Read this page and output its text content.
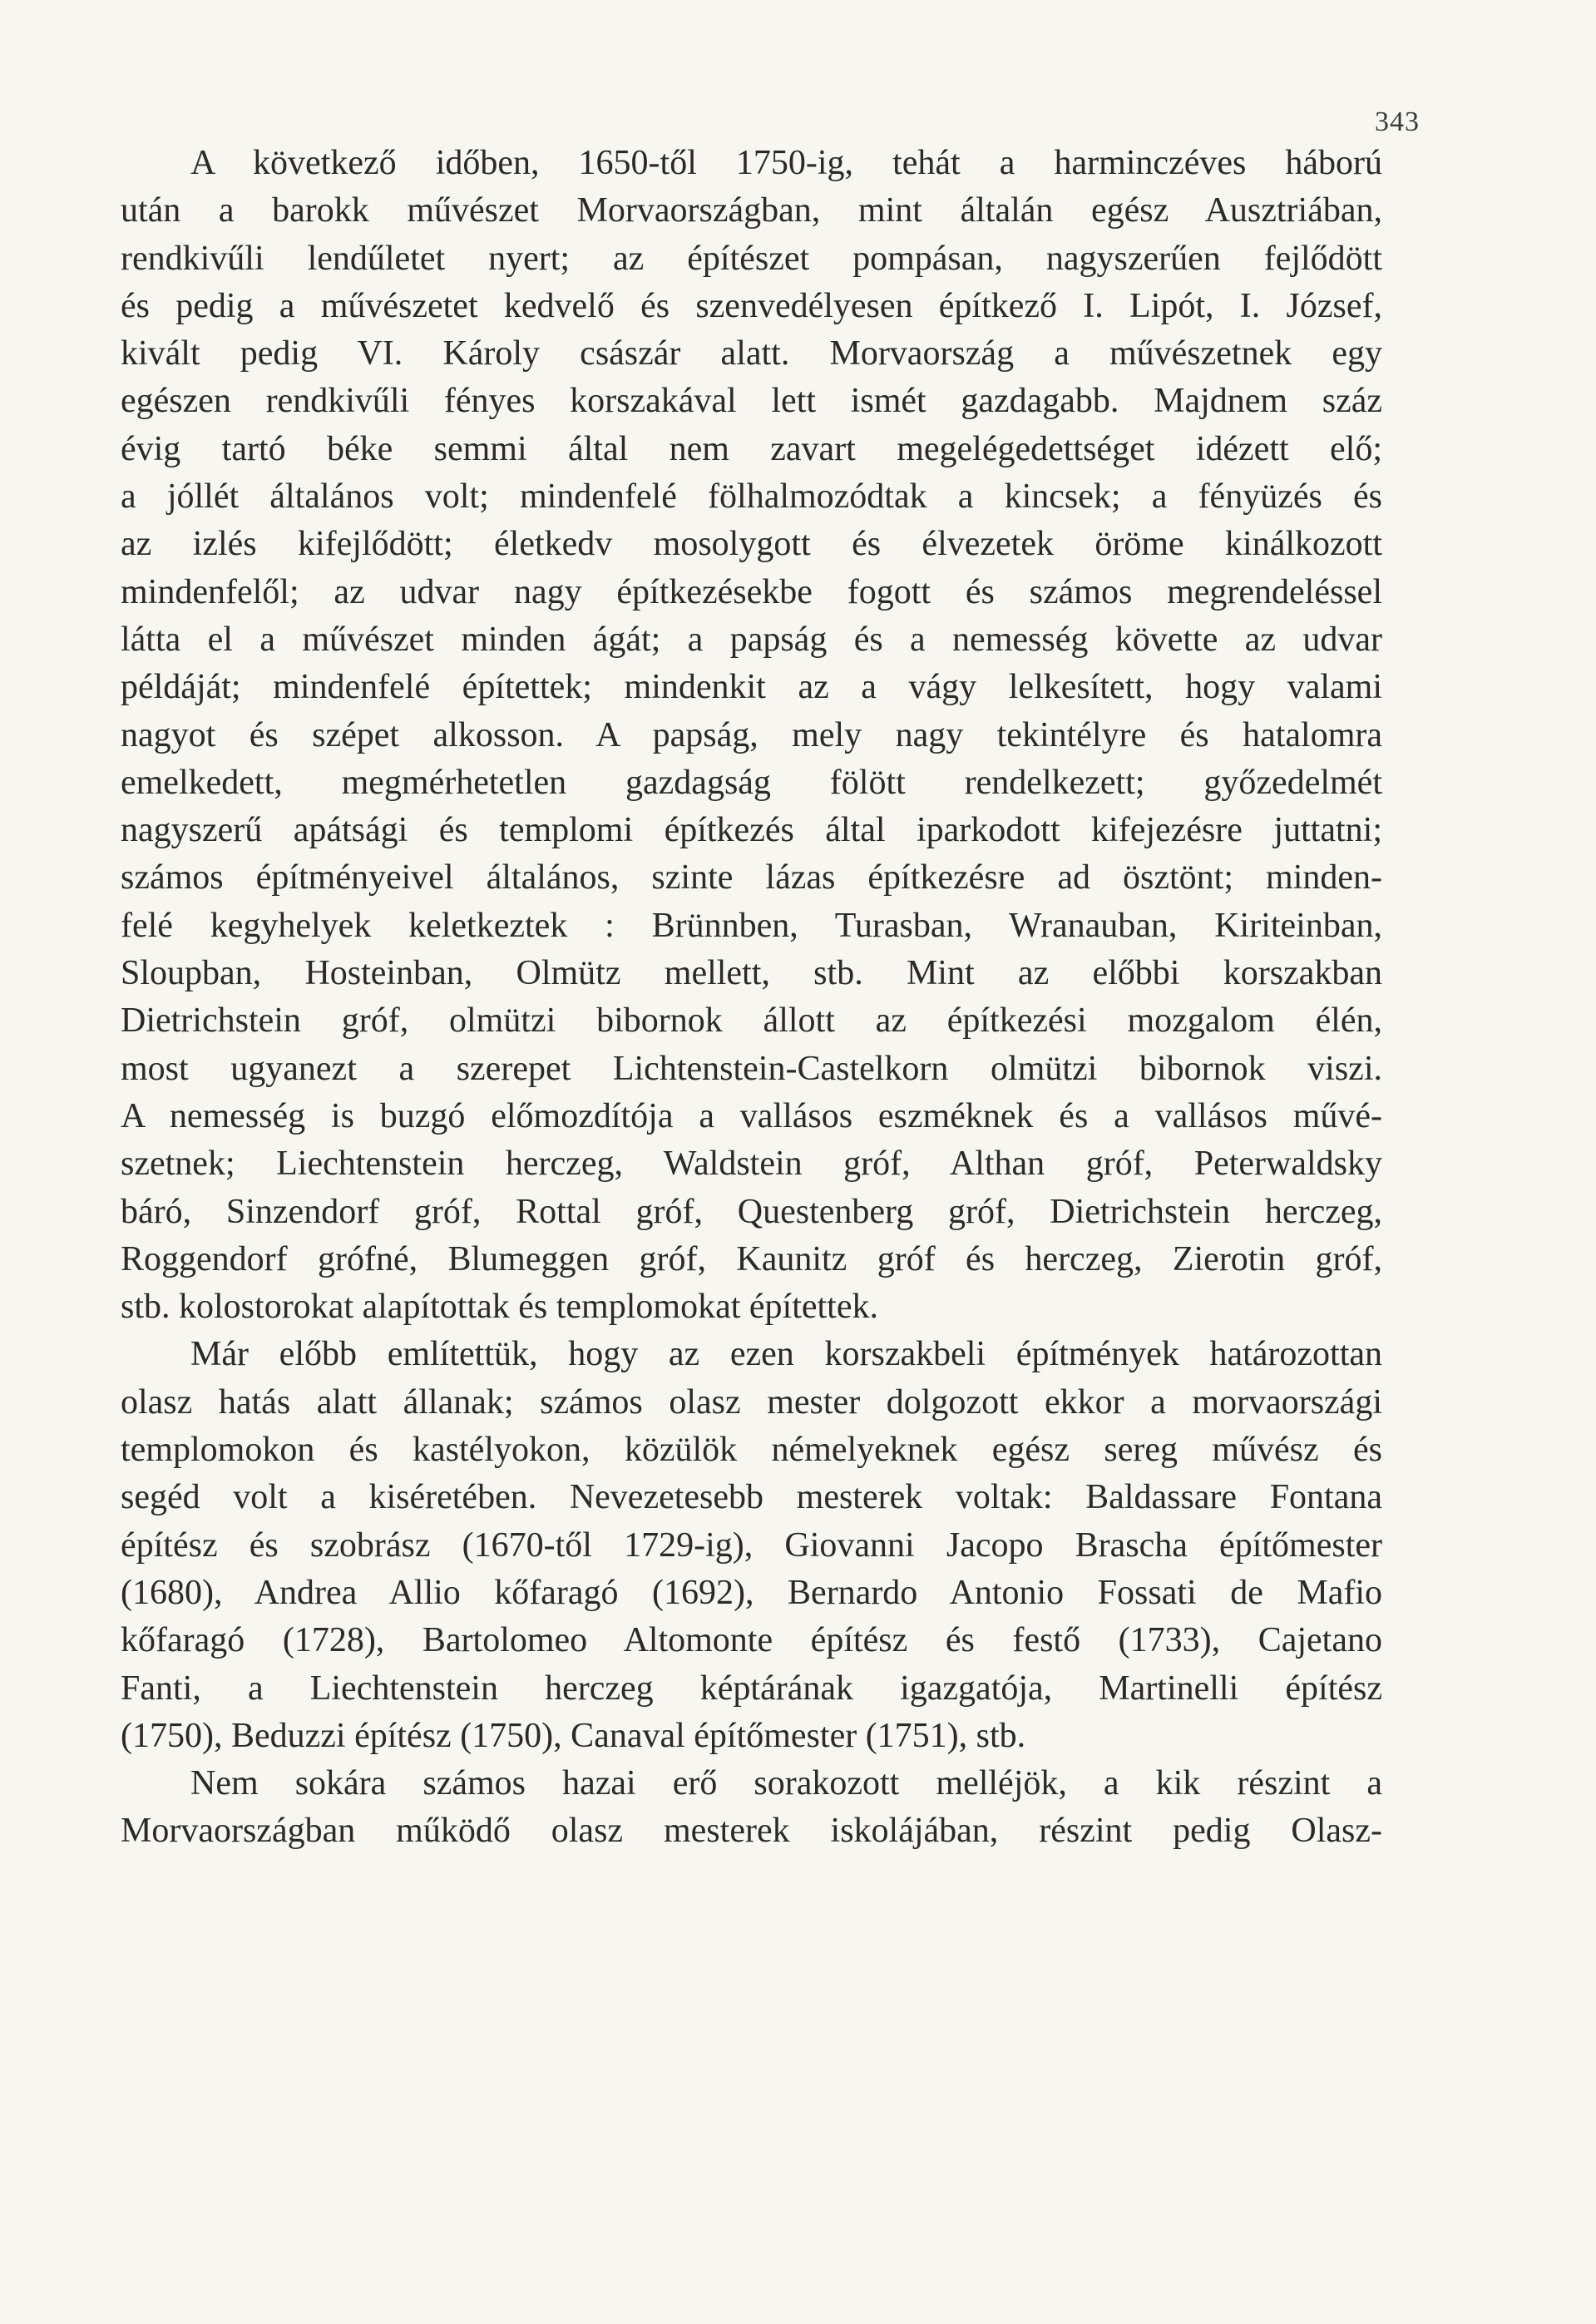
343
A következő időben, 1650-től 1750-ig, tehát a harminczéves háború
után a barokk művészet Morvaországban, mint általán egész Ausztriában,
rendkivűli lendűletet nyert; az építészet pompásan, nagyszerűen fejlődött
és pedig a művészetet kedvelő és szenvedélyesen építkező I. Lipót, I. József,
kivált pedig VI. Károly császár alatt. Morvaország a művészetnek egy
egészen rendkivűli fényes korszakával lett ismét gazdagabb. Majdnem száz
évig tartó béke semmi által nem zavart megelégedettséget idézett elő;
a jóllét általános volt; mindenfelé fölhalmozódtak a kincsek; a fényüzés és
az izlés kifejlődött; életkedv mosolygott és élvezetek öröme kinálkozott
mindenfelől; az udvar nagy építkezésekbe fogott és számos megrendeléssel
látta el a művészet minden ágát; a papság és a nemesség követte az udvar
példáját; mindenfelé építettek; mindenkit az a vágy lelkesített, hogy valami
nagyot és szépet alkosson. A papság, mely nagy tekintélyre és hatalomra
emelkedett, megmérhetetlen gazdagság fölött rendelkezett; győzedelmét
nagyszerű apátsági és templomi építkezés által iparkodott kifejezésre juttatni;
számos építményeivel általános, szinte lázas építkezésre ad ösztönt; minden-
felé kegyhelyek keletkeztek : Brünnben, Turasban, Wranauban, Kiriteinban,
Sloupban, Hosteinban, Olmütz mellett, stb. Mint az előbbi korszakban
Dietrichstein gróf, olmützi bibornok állott az építkezési mozgalom élén,
most ugyanezt a szerepet Lichtenstein-Castelkorn olmützi bibornok viszi.
A nemesség is buzgó előmozdítója a vallásos eszméknek és a vallásos művé-
szetnek; Liechtenstein herczeg, Waldstein gróf, Althan gróf, Peterwaldsky
báró, Sinzendorf gróf, Rottal gróf, Questenberg gróf, Dietrichstein herczeg,
Roggendorf grófné, Blumeggen gróf, Kaunitz gróf és herczeg, Zierotin gróf,
stb. kolostorokat alapítottak és templomokat építettek.
Már előbb említettük, hogy az ezen korszakbeli építmények határozottan
olasz hatás alatt állanak; számos olasz mester dolgozott ekkor a morvaországi
templomokon és kastélyokon, közülök némelyeknek egész sereg művész és
segéd volt a kiséretében. Nevezetesebb mesterek voltak: Baldassare Fontana
építész és szobrász (1670-től 1729-ig), Giovanni Jacopo Brascha építőmester
(1680), Andrea Allio kőfaragó (1692), Bernardo Antonio Fossati de Mafio
kőfaragó (1728), Bartolomeo Altomonte építész és festő (1733), Cajetano
Fanti, a Liechtenstein herczeg képtárának igazgatója, Martinelli építész
(1750), Beduzzi építész (1750), Canaval építőmester (1751), stb.
Nem sokára számos hazai erő sorakozott melléjök, a kik részint a
Morvaországban működő olasz mesterek iskolájában, részint pedig Olasz-
